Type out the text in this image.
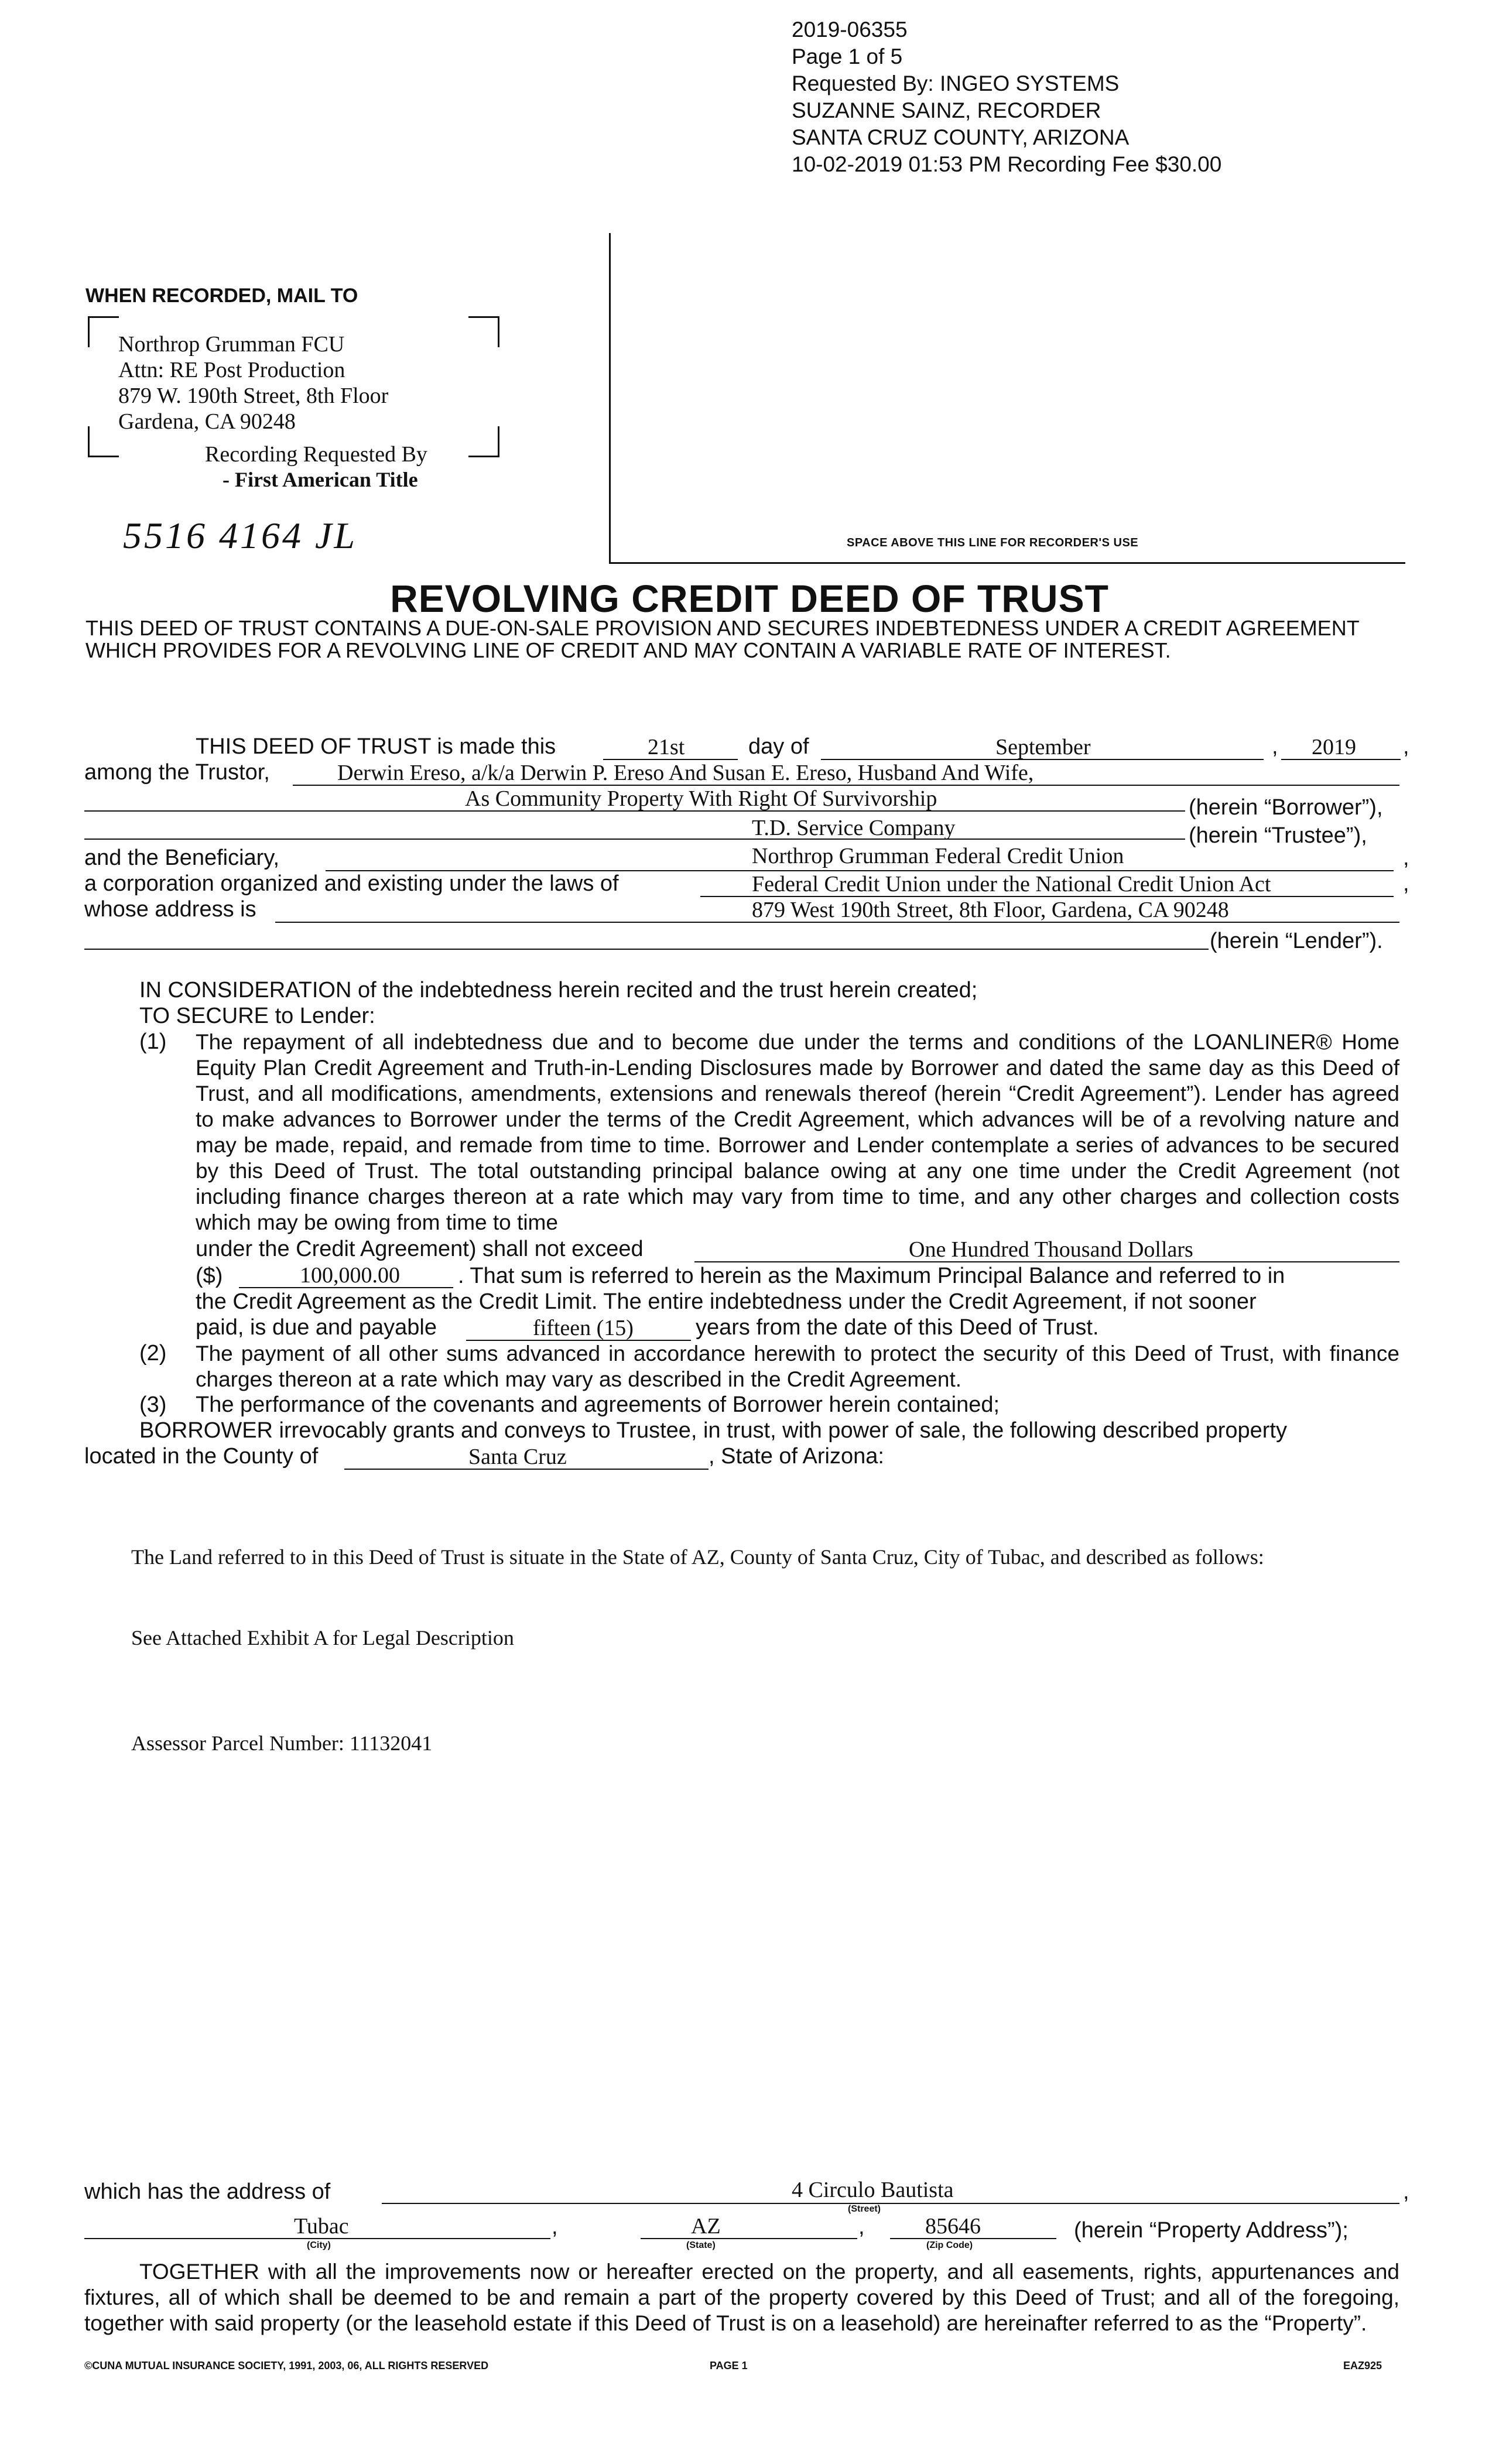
2019-06355
Page 1 of 5
Requested By: INGEO SYSTEMS
SUZANNE SAINZ, RECORDER
SANTA CRUZ COUNTY, ARIZONA
10-02-2019 01:53 PM Recording Fee $30.00
SPACE ABOVE THIS LINE FOR RECORDER'S USE
WHEN RECORDED, MAIL TO
Northrop Grumman FCU
Attn: RE Post Production
879 W. 190th Street, 8th Floor
Gardena, CA 90248
Recording Requested By
- First American Title
5516 4164 JL
REVOLVING CREDIT DEED OF TRUST
THIS DEED OF TRUST CONTAINS A DUE-ON-SALE PROVISION AND SECURES INDEBTEDNESS UNDER A CREDIT AGREEMENT WHICH PROVIDES FOR A REVOLVING LINE OF CREDIT AND MAY CONTAIN A VARIABLE RATE OF INTEREST.
THIS DEED OF TRUST is made this	21st	day of	September	, 2019 ,
among the Trustor,	Derwin Ereso, a/k/a Derwin P. Ereso And Susan E. Ereso, Husband And Wife,
As Community Property With Right Of Survivorship	(herein “Borrower”),
T.D. Service Company	(herein “Trustee”),
and the Beneficiary,	Northrop Grumman Federal Credit Union	,
a corporation organized and existing under the laws of	Federal Credit Union under the National Credit Union Act	,
whose address is	879 West 190th Street, 8th Floor, Gardena, CA 90248
(herein “Lender”).
IN CONSIDERATION of the indebtedness herein recited and the trust herein created;
TO SECURE to Lender:
(1) The repayment of all indebtedness due and to become due under the terms and conditions of the LOANLINER® Home Equity Plan Credit Agreement and Truth-in-Lending Disclosures made by Borrower and dated the same day as this Deed of Trust, and all modifications, amendments, extensions and renewals thereof (herein “Credit Agreement”). Lender has agreed to make advances to Borrower under the terms of the Credit Agreement, which advances will be of a revolving nature and may be made, repaid, and remade from time to time. Borrower and Lender contemplate a series of advances to be secured by this Deed of Trust. The total outstanding principal balance owing at any one time under the Credit Agreement (not including finance charges thereon at a rate which may vary from time to time, and any other charges and collection costs which may be owing from time to time
under the Credit Agreement) shall not exceed	One Hundred Thousand Dollars
($)	100,000.00	. That sum is referred to herein as the Maximum Principal Balance and referred to in
the Credit Agreement as the Credit Limit. The entire indebtedness under the Credit Agreement, if not sooner
paid, is due and payable	fifteen (15)	years from the date of this Deed of Trust.
(2) The payment of all other sums advanced in accordance herewith to protect the security of this Deed of Trust, with finance charges thereon at a rate which may vary as described in the Credit Agreement.
(3) The performance of the covenants and agreements of Borrower herein contained;
BORROWER irrevocably grants and conveys to Trustee, in trust, with power of sale, the following described property
located in the County of	Santa Cruz	, State of Arizona:
The Land referred to in this Deed of Trust is situate in the State of AZ, County of Santa Cruz, City of Tubac, and described as follows:
See Attached Exhibit A for Legal Description
Assessor Parcel Number: 11132041
which has the address of	4 Circulo Bautista
(Street)
,
Tubac
(City)
,	AZ
(State)
,	85646
(Zip Code)
(herein “Property Address”);
TOGETHER with all the improvements now or hereafter erected on the property, and all easements, rights, appurtenances and fixtures, all of which shall be deemed to be and remain a part of the property covered by this Deed of Trust; and all of the foregoing, together with said property (or the leasehold estate if this Deed of Trust is on a leasehold) are hereinafter referred to as the “Property”.
©CUNA MUTUAL INSURANCE SOCIETY, 1991, 2003, 06, ALL RIGHTS RESERVED	PAGE 1	EAZ925
